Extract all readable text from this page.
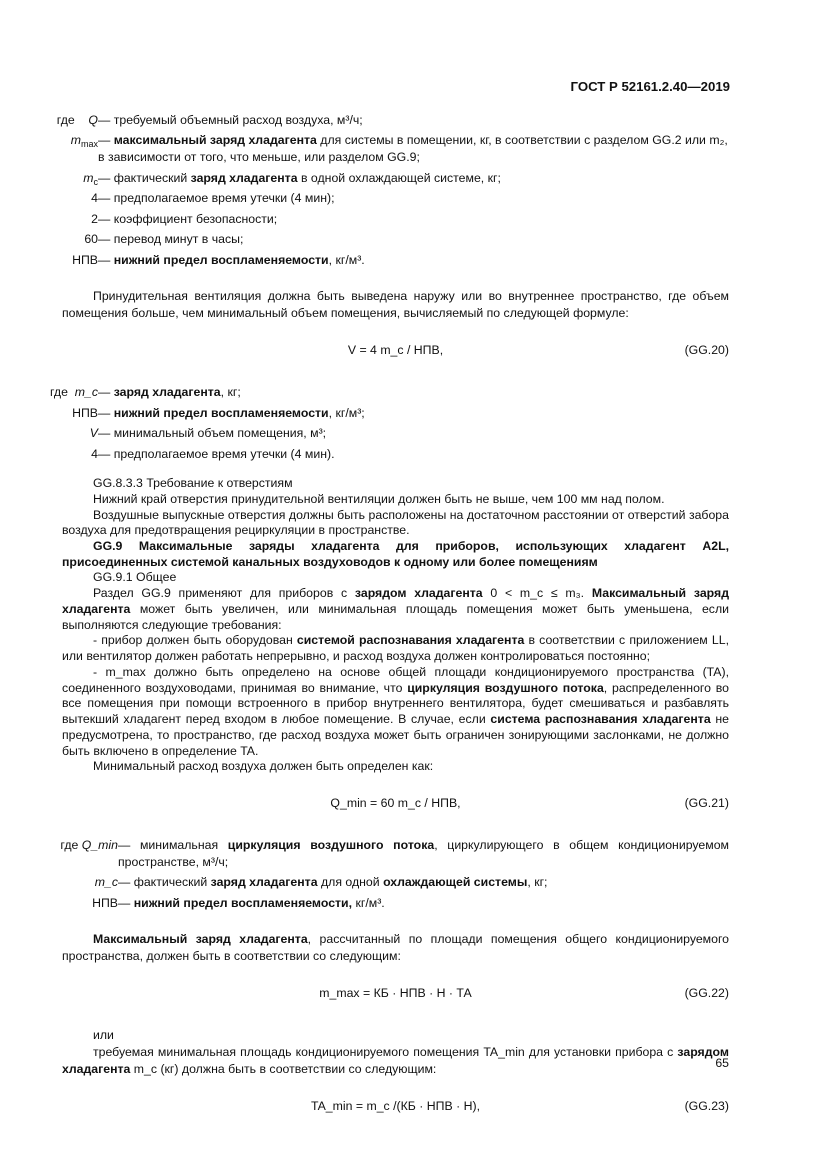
ГОСТ Р 52161.2.40—2019
где Q — требуемый объемный расход воздуха, м³/ч;
$m_{max}$ — максимальный заряд хладагента для системы в помещении, кг, в соответствии с разделом GG.2 или m₂, в зависимости от того, что меньше, или разделом GG.9;
$m_c$ — фактический заряд хладагента в одной охлаждающей системе, кг;
4 — предполагаемое время утечки (4 мин);
2 — коэффициент безопасности;
60 — перевод минут в часы;
НПВ — нижний предел воспламеняемости, кг/м³.

Принудительная вентиляция должна быть выведена наружу или во внутреннее пространство, где объем помещения больше, чем минимальный объем помещения, вычисляемый по следующей формуле:

V = 4 m_c / НПВ,	(GG.20)
где m_c — заряд хладагента, кг;
НПВ — нижний предел воспламеняемости, кг/м³;
V — минимальный объем помещения, м³;
4 — предполагаемое время утечки (4 мин).

GG.8.3.3 Требование к отверстиям

Нижний край отверстия принудительной вентиляции должен быть не выше, чем 100 мм над полом.

Воздушные выпускные отверстия должны быть расположены на достаточном расстоянии от отверстий забора воздуха для предотвращения рециркуляции в пространстве.

GG.9 Максимальные заряды хладагента для приборов, использующих хладагент A2L, присоединенных системой канальных воздуховодов к одному или более помещениям

GG.9.1 Общее

Раздел GG.9 применяют для приборов с зарядом хладагента 0 < m_c ≤ m₃. Максимальный заряд хладагента может быть увеличен, или минимальная площадь помещения может быть уменьшена, если выполняются следующие требования:

- прибор должен быть оборудован системой распознавания хладагента в соответствии с приложением LL, или вентилятор должен работать непрерывно, и расход воздуха должен контролироваться постоянно;

- m_max должно быть определено на основе общей площади кондиционируемого пространства (TA), соединенного воздуховодами, принимая во внимание, что циркуляция воздушного потока, распределенного во все помещения при помощи встроенного в прибор внутреннего вентилятора, будет смешиваться и разбавлять вытекший хладагент перед входом в любое помещение. В случае, если система распознавания хладагента не предусмотрена, то пространство, где расход воздуха может быть ограничен зонирующими заслонками, не должно быть включено в определение TA.

Минимальный расход воздуха должен быть определен как:

Q_min = 60 m_c / НПВ,	(GG.21)
где Q_min — минимальная циркуляция воздушного потока, циркулирующего в общем кондиционируемом пространстве, м³/ч;
m_c — фактический заряд хладагента для одной охлаждающей системы, кг;
НПВ — нижний предел воспламеняемости, кг/м³.

Максимальный заряд хладагента, рассчитанный по площади помещения общего кондиционируемого пространства, должен быть в соответствии со следующим:

m_max = КБ · НПВ · Н · ТА	(GG.22)

или

требуемая минимальная площадь кондиционируемого помещения TA_min для установки прибора с зарядом хладагента m_c (кг) должна быть в соответствии со следующим:

TA_min = m_c /(КБ · НПВ · Н),	(GG.23)
65
